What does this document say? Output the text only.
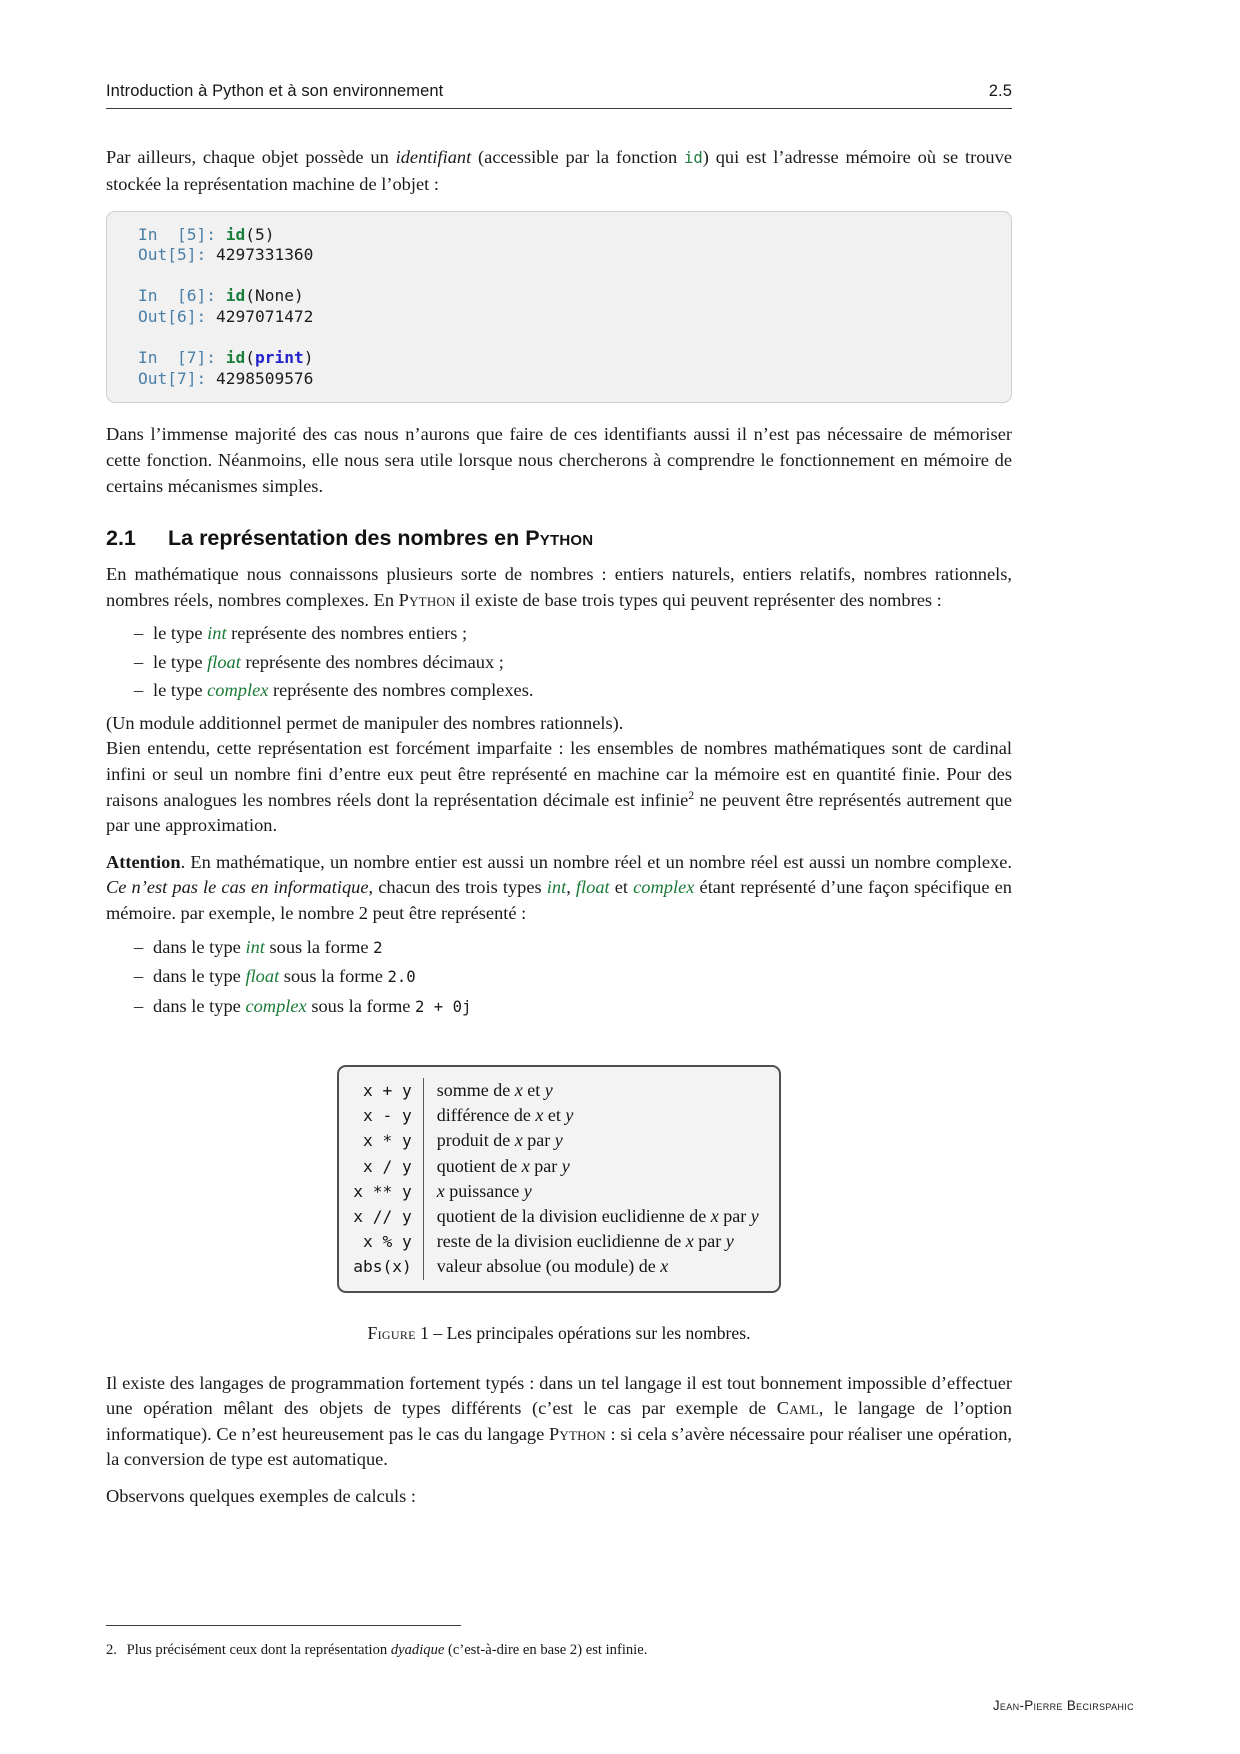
Introduction à Python et à son environnement	2.5

Par ailleurs, chaque objet possède un identifiant (accessible par la fonction id) qui est l’adresse mémoire où se trouve stockée la représentation machine de l’objet :

In  [5]: id(5)
Out[5]: 4297331360
In  [6]: id(None)
Out[6]: 4297071472
In  [7]: id(print)
Out[7]: 4298509576

Dans l’immense majorité des cas nous n’aurons que faire de ces identifiants aussi il n’est pas nécessaire de mémoriser cette fonction. Néanmoins, elle nous sera utile lorsque nous chercherons à comprendre le fonctionnement en mémoire de certains mécanismes simples.

2.1	La représentation des nombres en Python

En mathématique nous connaissons plusieurs sorte de nombres : entiers naturels, entiers relatifs, nombres rationnels, nombres réels, nombres complexes. En Python il existe de base trois types qui peuvent représenter des nombres :

– le type int représente des nombres entiers ;
– le type float représente des nombres décimaux ;
– le type complex représente des nombres complexes.

(Un module additionnel permet de manipuler des nombres rationnels).

Bien entendu, cette représentation est forcément imparfaite : les ensembles de nombres mathématiques sont de cardinal infini or seul un nombre fini d’entre eux peut être représenté en machine car la mémoire est en quantité finie. Pour des raisons analogues les nombres réels dont la représentation décimale est infinie$^2$ ne peuvent être représentés autrement que par une approximation.

Attention. En mathématique, un nombre entier est aussi un nombre réel et un nombre réel est aussi un nombre complexe. Ce n’est pas le cas en informatique, chacun des trois types int, float et complex étant représenté d’une façon spécifique en mémoire. par exemple, le nombre 2 peut être représenté :

– dans le type int sous la forme 2
– dans le type float sous la forme 2.0
– dans le type complex sous la forme 2 + 0j
x + y	somme de x et y
x - y	différence de x et y
x * y	produit de x par y
x / y	quotient de x par y
x ** y	x puissance y
x // y	quotient de la division euclidienne de x par y
x % y	reste de la division euclidienne de x par y
abs(x)	valeur absolue (ou module) de x
Figure 1 – Les principales opérations sur les nombres.

Il existe des langages de programmation fortement typés : dans un tel langage il est tout bonnement impossible d’effectuer une opération mêlant des objets de types différents (c’est le cas par exemple de Caml, le langage de l’option informatique). Ce n’est heureusement pas le cas du langage Python : si cela s’avère nécessaire pour réaliser une opération, la conversion de type est automatique.

Observons quelques exemples de calculs :

2. Plus précisément ceux dont la représentation dyadique (c’est-à-dire en base 2) est infinie.
Jean-Pierre Becirspahic
